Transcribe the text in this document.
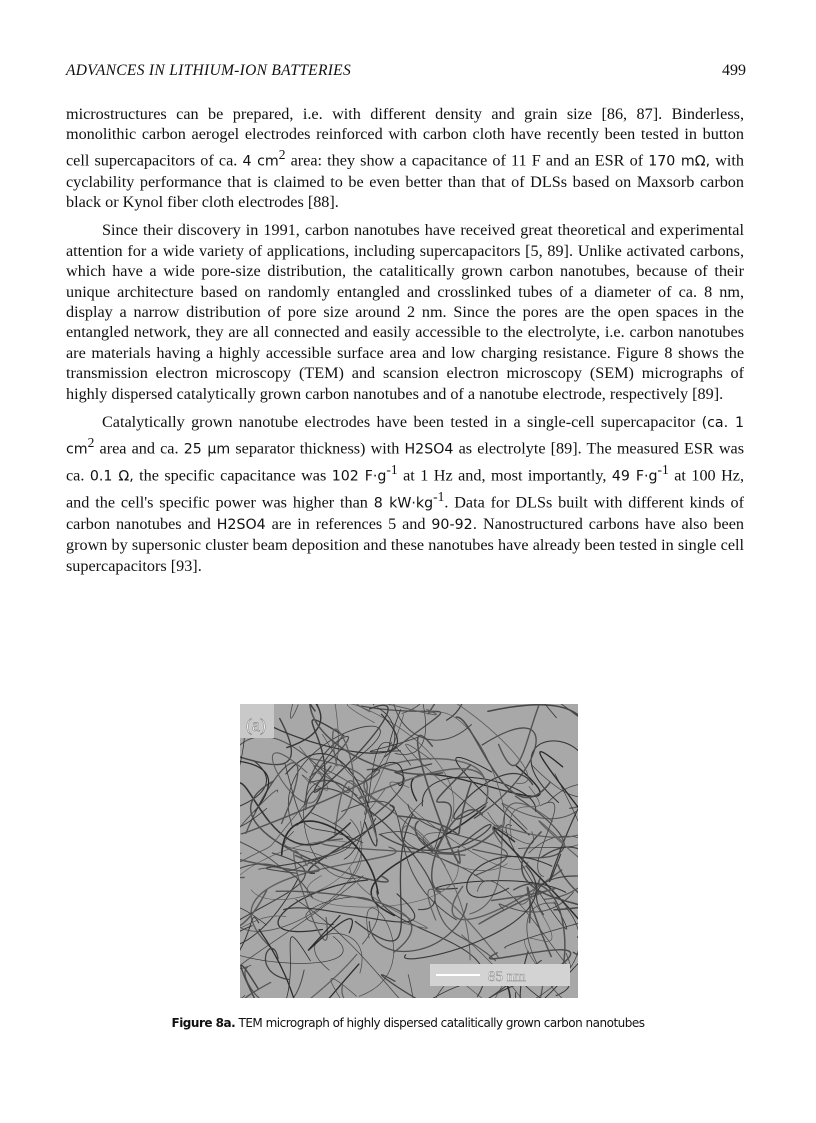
ADVANCES IN LITHIUM-ION BATTERIES	499

microstructures can be prepared, i.e. with different density and grain size [86, 87]. Binderless, monolithic carbon aerogel electrodes reinforced with carbon cloth have recently been tested in button cell supercapacitors of ca. 4 $cm^2$ area: they show a capacitance of 11 F and an ESR of 170 mΩ, with cyclability performance that is claimed to be even better than that of DLSs based on Maxsorb carbon black or Kynol fiber cloth electrodes [88].

Since their discovery in 1991, carbon nanotubes have received great theoretical and experimental attention for a wide variety of applications, including supercapacitors [5, 89]. Unlike activated carbons, which have a wide pore-size distribution, the catalitically grown carbon nanotubes, because of their unique architecture based on randomly entangled and crosslinked tubes of a diameter of ca. 8 nm, display a narrow distribution of pore size around 2 nm. Since the pores are the open spaces in the entangled network, they are all connected and easily accessible to the electrolyte, i.e. carbon nanotubes are materials having a highly accessible surface area and low charging resistance. Figure 8 shows the transmission electron microscopy (TEM) and scansion electron microscopy (SEM) micrographs of highly dispersed catalytically grown carbon nanotubes and of a nanotube electrode, respectively [89].

Catalytically grown nanotube electrodes have been tested in a single-cell supercapacitor (ca. 1 $cm^2$ area and ca. 25 μm separator thickness) with H2SO4 as electrolyte [89]. The measured ESR was ca. 0.1 Ω, the specific capacitance was 102 $F\cdot g^{-1}$ at 1 Hz and, most importantly, 49 $F\cdot g^{-1}$ at 100 Hz, and the cell's specific power was higher than 8 $kW\cdot kg^{-1}$. Data for DLSs built with different kinds of carbon nanotubes and H2SO4 are in references 5 and 90-92. Nanostructured carbons have also been grown by supersonic cluster beam deposition and these nanotubes have already been tested in single cell supercapacitors [93].

(a)
85 nm
Figure 8a. TEM micrograph of highly dispersed catalitically grown carbon nanotubes
